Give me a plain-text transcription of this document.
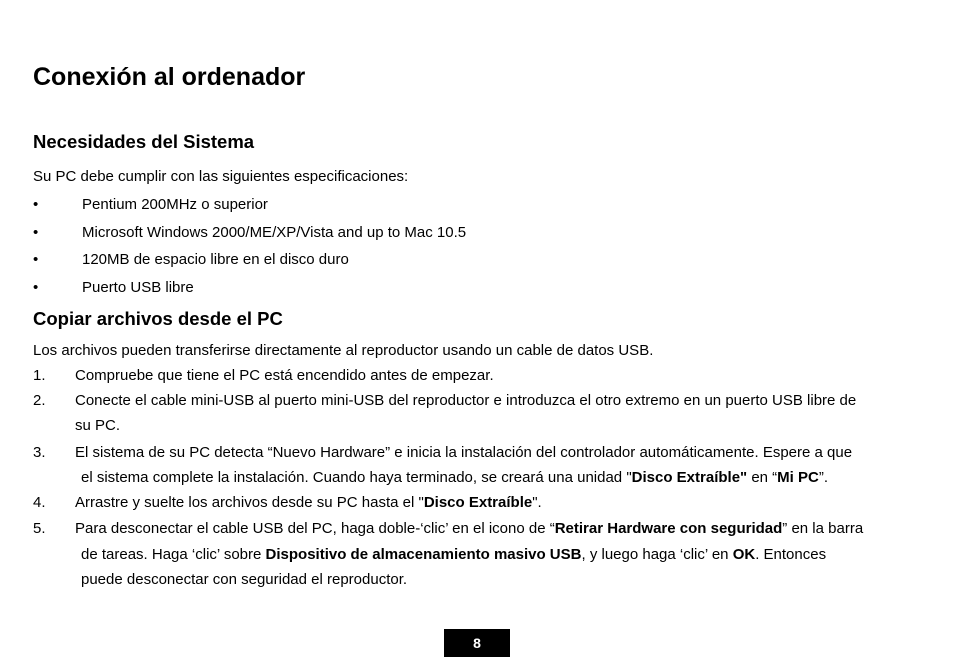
Conexión al ordenador
Necesidades del Sistema
Su PC debe cumplir con las siguientes especificaciones:
•	Pentium 200MHz o superior
•	Microsoft Windows 2000/ME/XP/Vista and up to Mac 10.5
•	120MB de espacio libre en el disco duro
•	Puerto USB libre
Copiar archivos desde el PC
Los archivos pueden transferirse directamente al reproductor usando un cable de datos USB.
1. Compruebe que tiene el PC está encendido antes de empezar.
2. Conecte el cable mini-USB al puerto mini-USB del reproductor e introduzca el otro extremo en un puerto USB libre de
su PC.
3. El sistema de su PC detecta “Nuevo Hardware” e inicia la instalación del controlador automáticamente. Espere a que
el sistema complete la instalación. Cuando haya terminado, se creará una unidad "Disco Extraíble" en “Mi PC”.
4. Arrastre y suelte los archivos desde su PC hasta el "Disco Extraíble".
5. Para desconectar el cable USB del PC, haga doble-‘clic’ en el icono de “Retirar Hardware con seguridad” en la barra
de tareas. Haga ‘clic’ sobre Dispositivo de almacenamiento masivo USB, y luego haga ‘clic’ en OK. Entonces
puede desconectar con seguridad el reproductor.
8
